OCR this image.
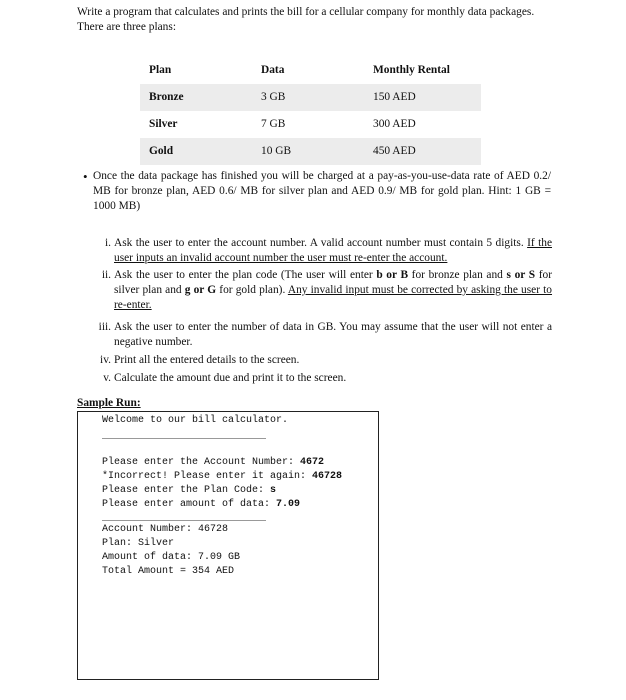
Write a program that calculates and prints the bill for a cellular company for monthly data packages. There are three plans:
Plan	Data	Monthly Rental
Bronze	3 GB	150 AED
Silver	7 GB	300 AED
Gold	10 GB	450 AED
• Once the data package has finished you will be charged at a pay-as-you-use-data rate of AED 0.2/ MB for bronze plan, AED 0.6/ MB for silver plan and AED 0.9/ MB for gold plan. Hint: 1 GB = 1000 MB)
i. Ask the user to enter the account number. A valid account number must contain 5 digits. If the user inputs an invalid account number the user must re-enter the account.
ii. Ask the user to enter the plan code (The user will enter b or B for bronze plan and s or S for silver plan and g or G for gold plan). Any invalid input must be corrected by asking the user to re-enter.
iii. Ask the user to enter the number of data in GB. You may assume that the user will not enter a negative number.
iv. Print all the entered details to the screen.
v. Calculate the amount due and print it to the screen.
Sample Run:
Welcome to our bill calculator.
Please enter the Account Number: 4672
*Incorrect! Please enter it again: 46728
Please enter the Plan Code: s
Please enter amount of data: 7.09
Account Number: 46728
Plan: Silver
Amount of data: 7.09 GB
Total Amount = 354 AED
